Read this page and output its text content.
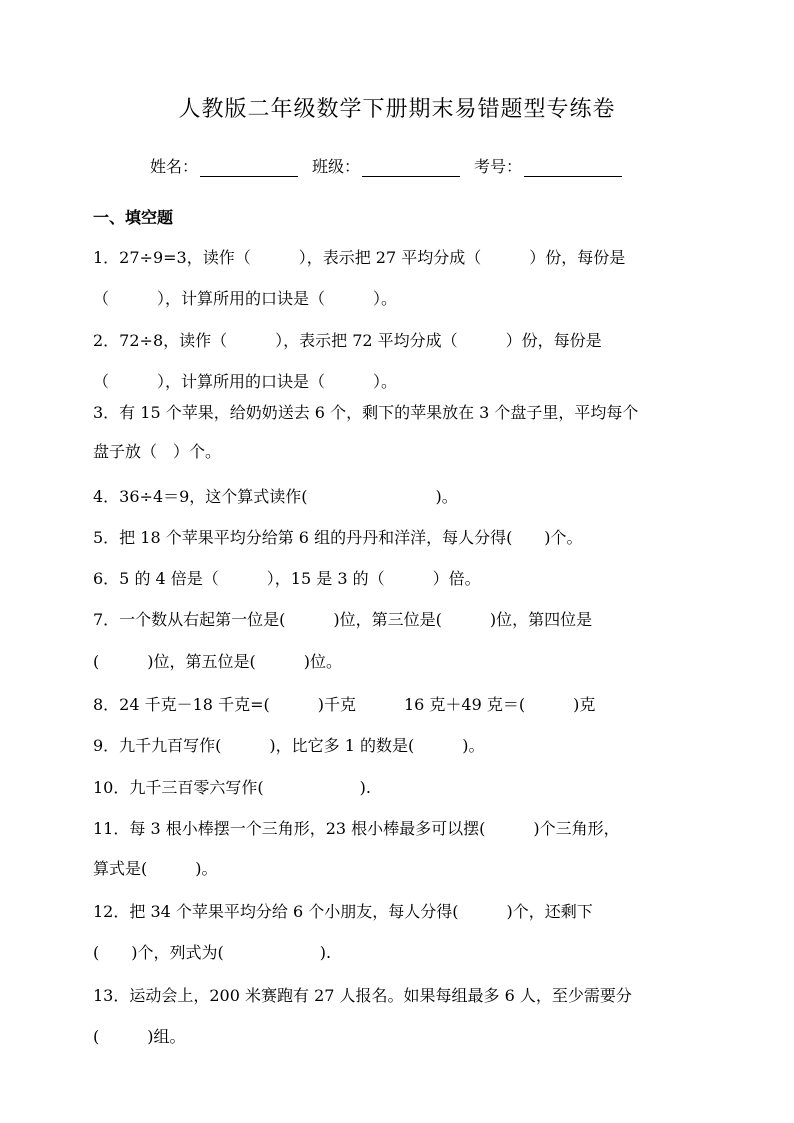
人教版二年级数学下册期末易错题型专练卷
姓名：	班级：	考号：
一、填空题
1．27÷9=3，读作（　　　），表示把 27 平均分成（　　　）份，每份是
（　　　），计算所用的口诀是（　　　）。
2．72÷8，读作（　　　），表示把 72 平均分成（　　　）份，每份是
（　　　），计算所用的口诀是（　　　）。
3．有 15 个苹果，给奶奶送去 6 个，剩下的苹果放在 3 个盘子里，平均每个
盘子放（　）个。
4．36÷4＝9，这个算式读作(　　　　　　　　)。
5．把 18 个苹果平均分给第 6 组的丹丹和洋洋，每人分得(　　)个。
6．5 的 4 倍是（　　　），15 是 3 的（　　　）倍。
7．一个数从右起第一位是(　　　)位，第三位是(　　　)位，第四位是
(　　　)位，第五位是(　　　)位。
8．24 千克－18 千克=(　　　)千克　　　16 克＋49 克＝(　　　)克
9．九千九百写作(　　　)，比它多 1 的数是(　　　)。
10．九千三百零六写作(　　　　　　).
11．每 3 根小棒摆一个三角形，23 根小棒最多可以摆(　　　)个三角形，
算式是(　　　)。
12．把 34 个苹果平均分给 6 个小朋友，每人分得(　　　)个，还剩下
(　　)个，列式为(　　　　　　).
13．运动会上，200 米赛跑有 27 人报名。如果每组最多 6 人，至少需要分
(　　　)组。
